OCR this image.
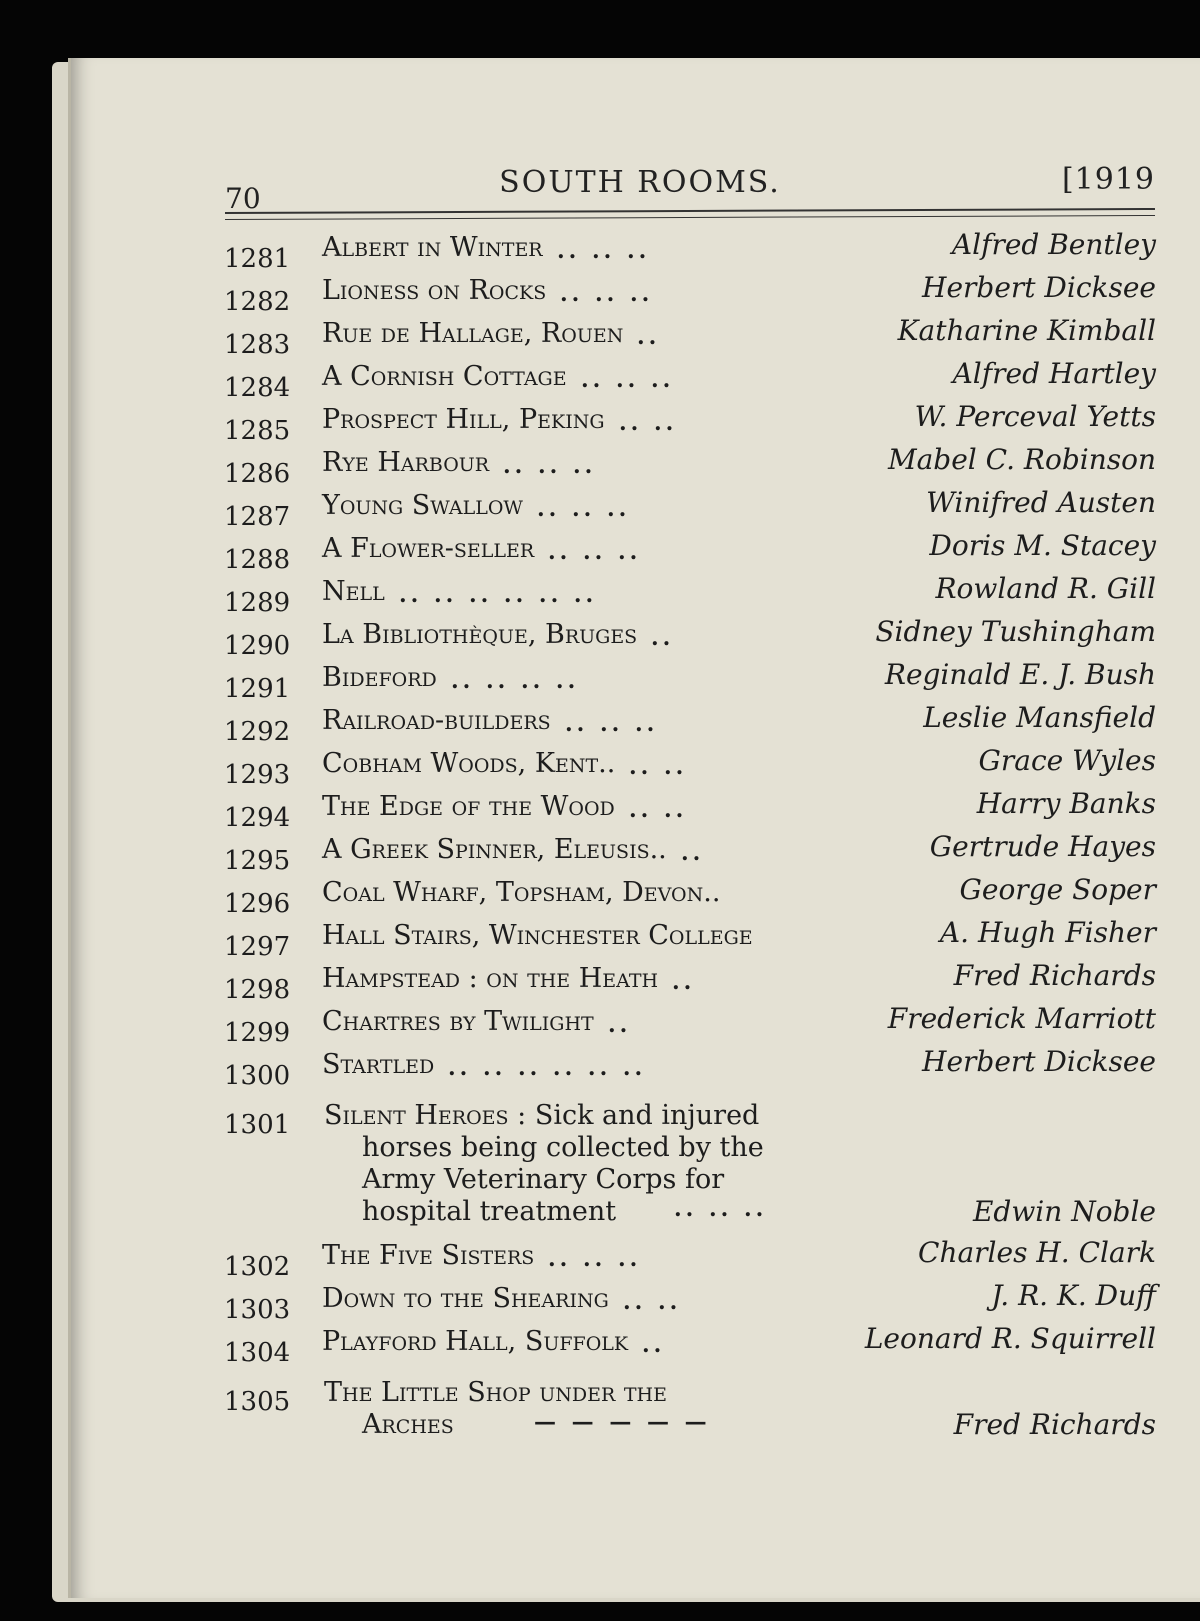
70	SOUTH ROOMS.	[1919
1281 Albert in Winter .. .. ..	Alfred Bentley
1282 Lioness on Rocks .. .. ..	Herbert Dicksee
1283 Rue de Hallage, Rouen ..	Katharine Kimball
1284 A Cornish Cottage .. .. ..	Alfred Hartley
1285 Prospect Hill, Peking .. ..	W. Perceval Yetts
1286 Rye Harbour .. .. ..	Mabel C. Robinson
1287 Young Swallow .. .. ..	Winifred Austen
1288 A Flower-seller .. .. ..	Doris M. Stacey
1289 Nell .. .. .. .. .. ..	Rowland R. Gill
1290 La Bibliothèque, Bruges ..	Sidney Tushingham
1291 Bideford .. .. .. ..	Reginald E. J. Bush
1292 Railroad-builders .. .. ..	Leslie Mansfield
1293 Cobham Woods, Kent.. .. ..	Grace Wyles
1294 The Edge of the Wood .. ..	Harry Banks
1295 A Greek Spinner, Eleusis.. ..	Gertrude Hayes
1296 Coal Wharf, Topsham, Devon..	George Soper
1297 Hall Stairs, Winchester College	A. Hugh Fisher
1298 Hampstead : on the Heath ..	Fred Richards
1299 Chartres by Twilight ..	Frederick Marriott
1300 Startled .. .. .. .. .. ..	Herbert Dicksee
1301 Silent Heroes : Sick and injured
horses being collected by the
Army Veterinary Corps for
hospital treatment	.. .. ..	Edwin Noble
1302 The Five Sisters .. .. ..	Charles H. Clark
1303 Down to the Shearing .. ..	J. R. K. Duff
1304 Playford Hall, Suffolk ..	Leonard R. Squirrell
1305 The Little Shop under the
Arches	— — — — —	Fred Richards
